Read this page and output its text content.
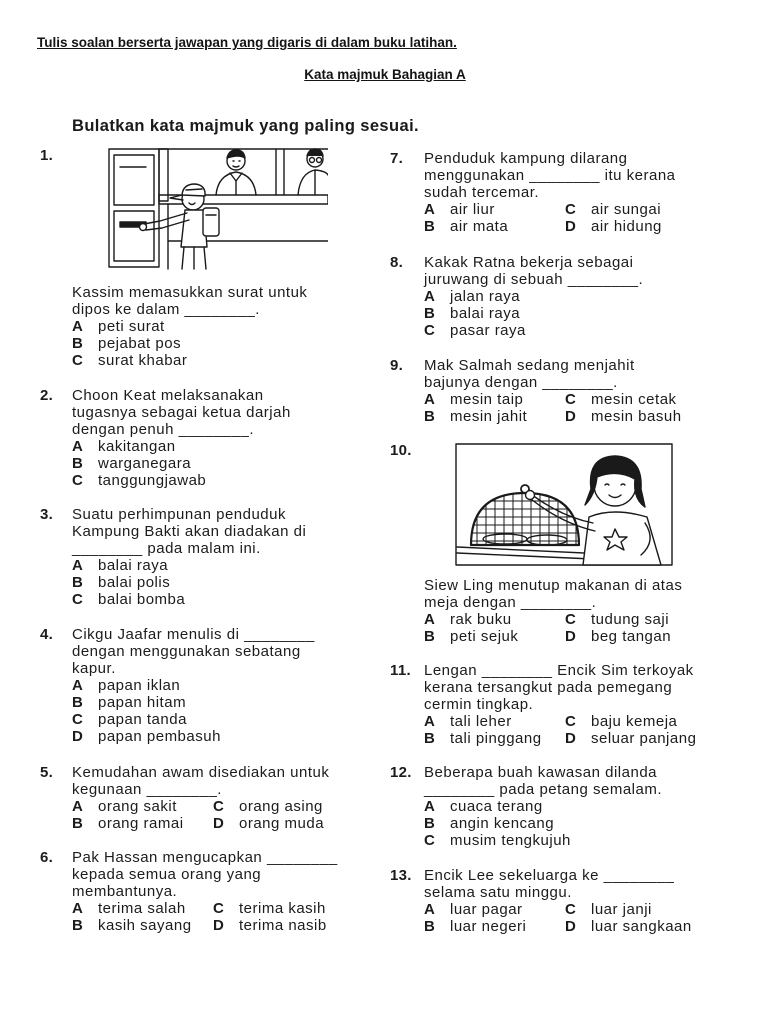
Tulis soalan berserta jawapan yang digaris di dalam buku latihan.
Kata majmuk Bahagian A
Bulatkan kata majmuk yang paling sesuai.
1.
Kassim memasukkan surat untuk
dipos ke dalam ________.
A peti surat
B pejabat pos
C surat khabar
2. Choon Keat melaksanakan
tugasnya sebagai ketua darjah
dengan penuh ________.
A kakitangan
B warganegara
C tanggungjawab
3. Suatu perhimpunan penduduk
Kampung Bakti akan diadakan di
________ pada malam ini.
A balai raya
B balai polis
C balai bomba
4. Cikgu Jaafar menulis di ________
dengan menggunakan sebatang
kapur.
A papan iklan
B papan hitam
C papan tanda
D papan pembasuh
5. Kemudahan awam disediakan untuk
kegunaan ________.
A orang sakit
B orang ramai
C orang asing
D orang muda
6. Pak Hassan mengucapkan ________
kepada semua orang yang
membantunya.
A terima salah
B kasih sayang
C terima kasih
D terima nasib
7. Penduduk kampung dilarang
menggunakan ________ itu kerana
sudah tercemar.
A air liur
B air mata
C air sungai
D air hidung
8. Kakak Ratna bekerja sebagai
juruwang di sebuah ________.
A jalan raya
B balai raya
C pasar raya
9. Mak Salmah sedang menjahit
bajunya dengan ________.
A mesin taip
B mesin jahit
C mesin cetak
D mesin basuh
10.
Siew Ling menutup makanan di atas
meja dengan ________.
A rak buku
B peti sejuk
C tudung saji
D beg tangan
11. Lengan ________ Encik Sim terkoyak
kerana tersangkut pada pemegang
cermin tingkap.
A tali leher
B tali pinggang
C baju kemeja
D seluar panjang
12. Beberapa buah kawasan dilanda
________ pada petang semalam.
A cuaca terang
B angin kencang
C musim tengkujuh
13. Encik Lee sekeluarga ke ________
selama satu minggu.
A luar pagar
B luar negeri
C luar janji
D luar sangkaan
